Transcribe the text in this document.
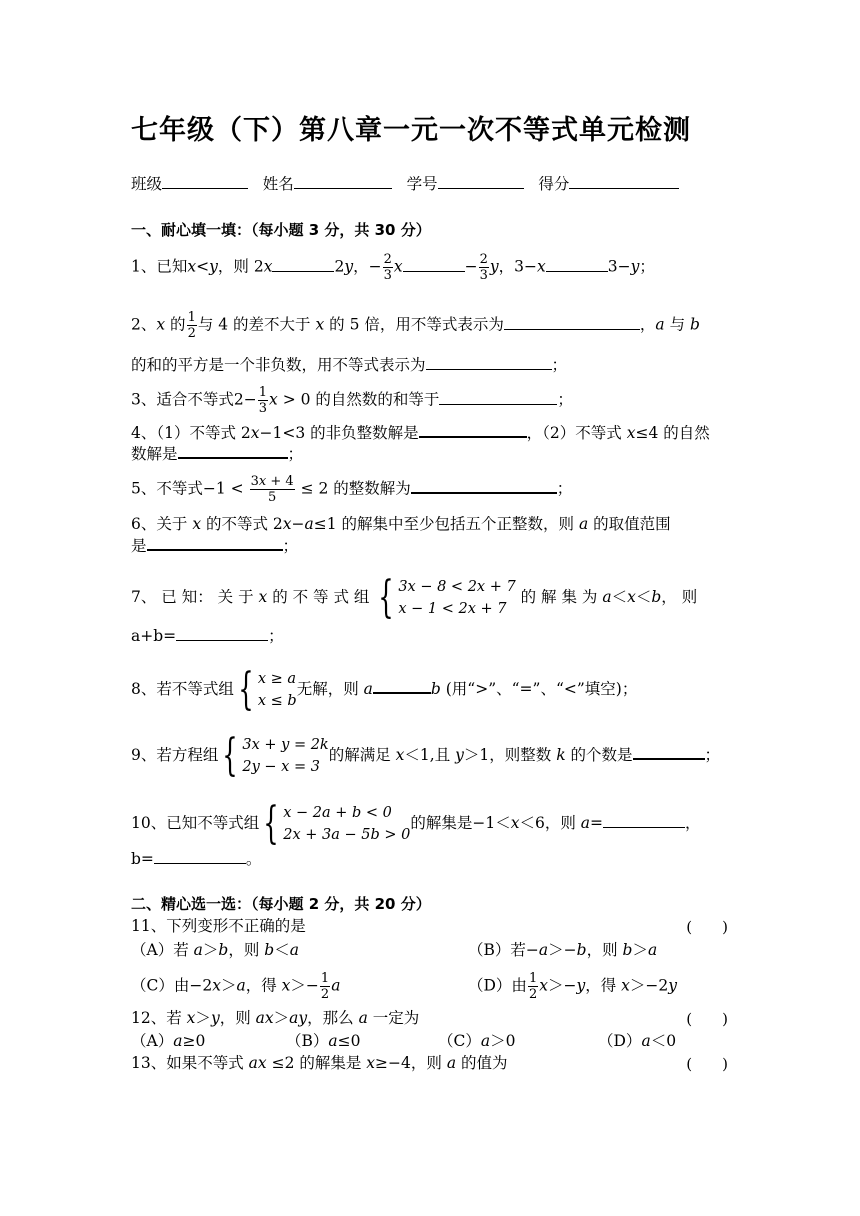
七年级（下）第八章一元一次不等式单元检测
班级	姓名	学号	得分
一、耐心填一填：（每小题 3 分，共 30 分）
1、已知x<y，则 2x	2y，− $\frac{2}{3}$ x	− $\frac{2}{3}$ y，3−x	3−y；
2、x 的 $\frac{1}{2}$ 与 4 的差不大于 x 的 5 倍，用不等式表示为	，a 与 b
的和的平方是一个非负数，用不等式表示为	；
3、适合不等式$2- \frac{1}{3}$ x > 0 的自然数的和等于	；
4、（1）不等式 2x−1<3 的非负整数解是	，（2）不等式 x≤4 的自然
数解是	；
5、不等式$-1 < \frac{3x + 4}{5} \le 2$ 的整数解为	；
6、关于 x 的不等式 2x−a≤1 的解集中至少包括五个正整数，则 a 的取值范围
是	；
7、 已 知： 关 于 x 的 不 等 式 组 { 3x − 8 < 2x + 7
x − 1 < 2x + 7
的 解 集 为 a＜x＜b， 则
a+b=	；
8、若不等式组 { x ≥ a
x ≤ b
无解，则 a	b (用“>”、“=”、“<”填空)；
9、若方程组 { 3x + y = 2k
2y − x = 3
的解满足 x＜1,且 y＞1，则整数 k 的个数是	；
10、已知不等式组 { x − 2a + b < 0
2x + 3a − 5b > 0
的解集是−1＜x＜6，则 a=	，
b=	。
二、精心选一选：（每小题 2 分，共 20 分）
11、下列变形不正确的是	(　　)
（A）若 a＞b，则 b＜a	（B）若−a＞−b，则 b＞a
（C）由−2x＞a，得 $x>- \frac{1}{2}$ a	（D）由 $\frac{1}{2} x>-y$，得 x＞−2y
12、若 x＞y，则 ax＞ay，那么 a 一定为	(　　)
（A）a≥0	（B）a≤0	（C）a＞0	（D）a＜0
13、如果不等式 ax ≤2 的解集是 x≥−4，则 a 的值为	(　　)
